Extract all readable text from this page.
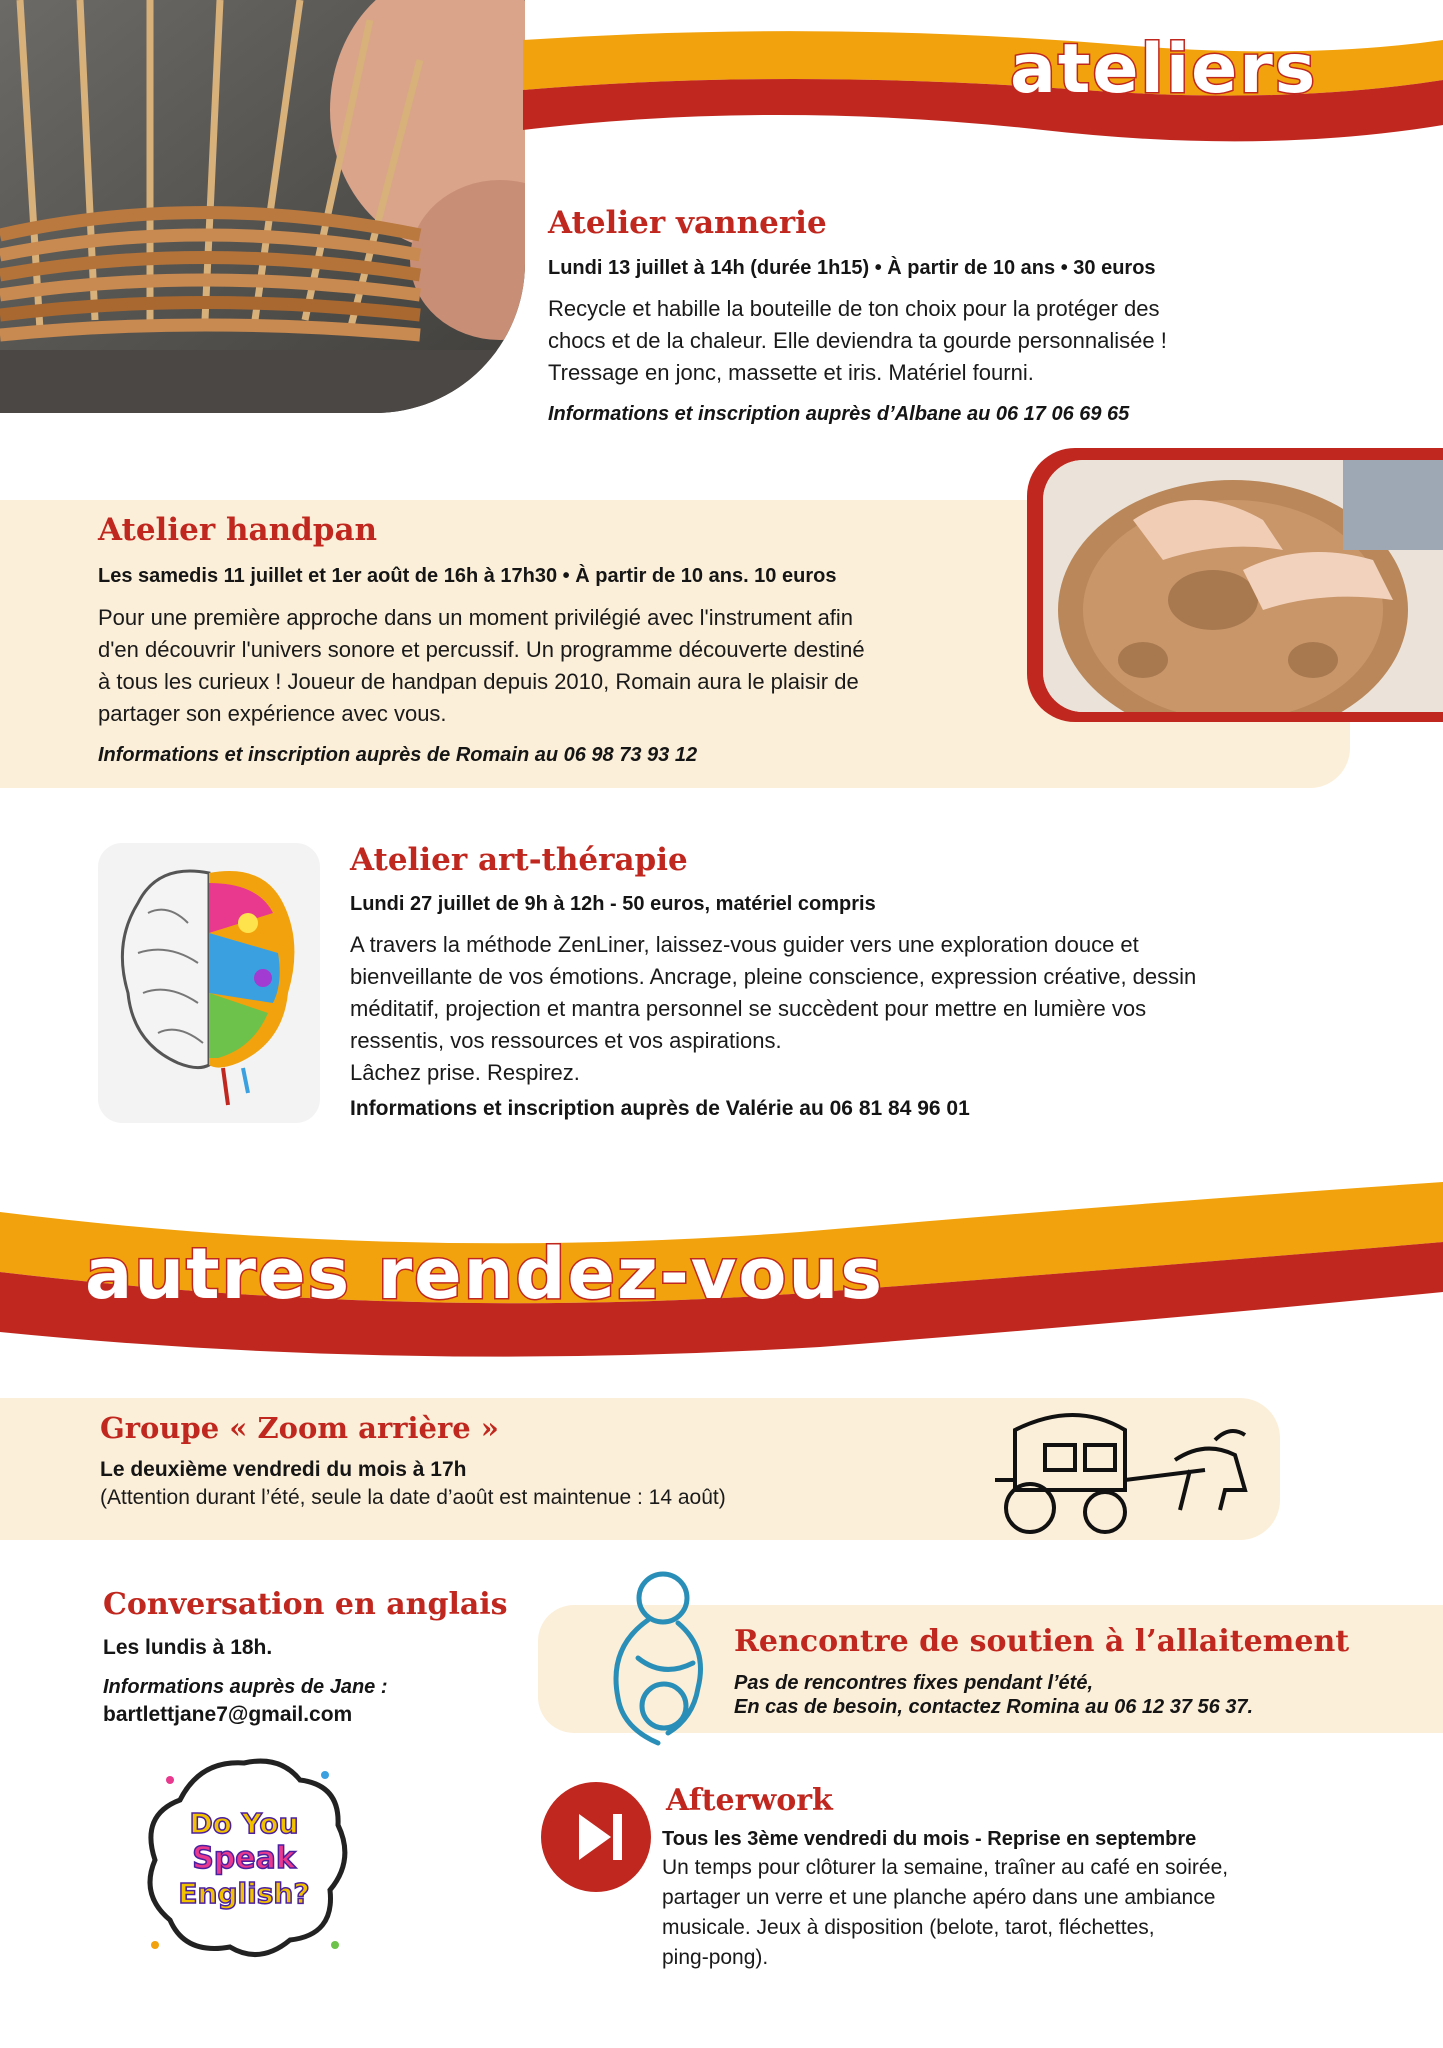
ateliers
Atelier vannerie
Lundi 13 juillet à 14h (durée 1h15) • À partir de 10 ans • 30 euros
Recycle et habille la bouteille de ton choix pour la protéger des
chocs et de la chaleur. Elle deviendra ta gourde personnalisée !
Tressage en jonc, massette et iris. Matériel fourni.
Informations et inscription auprès d’Albane au 06 17 06 69 65
Atelier handpan
Les samedis 11 juillet et 1er août de 16h à 17h30 • À partir de 10 ans. 10 euros
Pour une première approche dans un moment privilégié avec l'instrument afin
d'en découvrir l'univers sonore et percussif. Un programme découverte destiné
à tous les curieux ! Joueur de handpan depuis 2010, Romain aura le plaisir de
partager son expérience avec vous.
Informations et inscription auprès de Romain au 06 98 73 93 12
Atelier art-thérapie
Lundi 27 juillet de 9h à 12h - 50 euros, matériel compris
A travers la méthode ZenLiner, laissez-vous guider vers une exploration douce et
bienveillante de vos émotions. Ancrage, pleine conscience, expression créative, dessin
méditatif, projection et mantra personnel se succèdent pour mettre en lumière vos
ressentis, vos ressources et vos aspirations.
Lâchez prise. Respirez.
Informations et inscription auprès de Valérie au 06 81 84 96 01
autres rendez-vous
Groupe « Zoom arrière »
Le deuxième vendredi du mois à 17h
(Attention durant l’été, seule la date d’août est maintenue : 14 août)
Conversation en anglais
Les lundis à 18h.
Informations auprès de Jane :
bartlettjane7@gmail.com
Do You
Speak
English?
Rencontre de soutien à l’allaitement
Pas de rencontres fixes pendant l’été,
En cas de besoin, contactez Romina au 06 12 37 56 37.
Afterwork
Tous les 3ème vendredi du mois - Reprise en septembre
Un temps pour clôturer la semaine, traîner au café en soirée,
partager un verre et une planche apéro dans une ambiance
musicale. Jeux à disposition (belote, tarot, fléchettes,
ping-pong).
